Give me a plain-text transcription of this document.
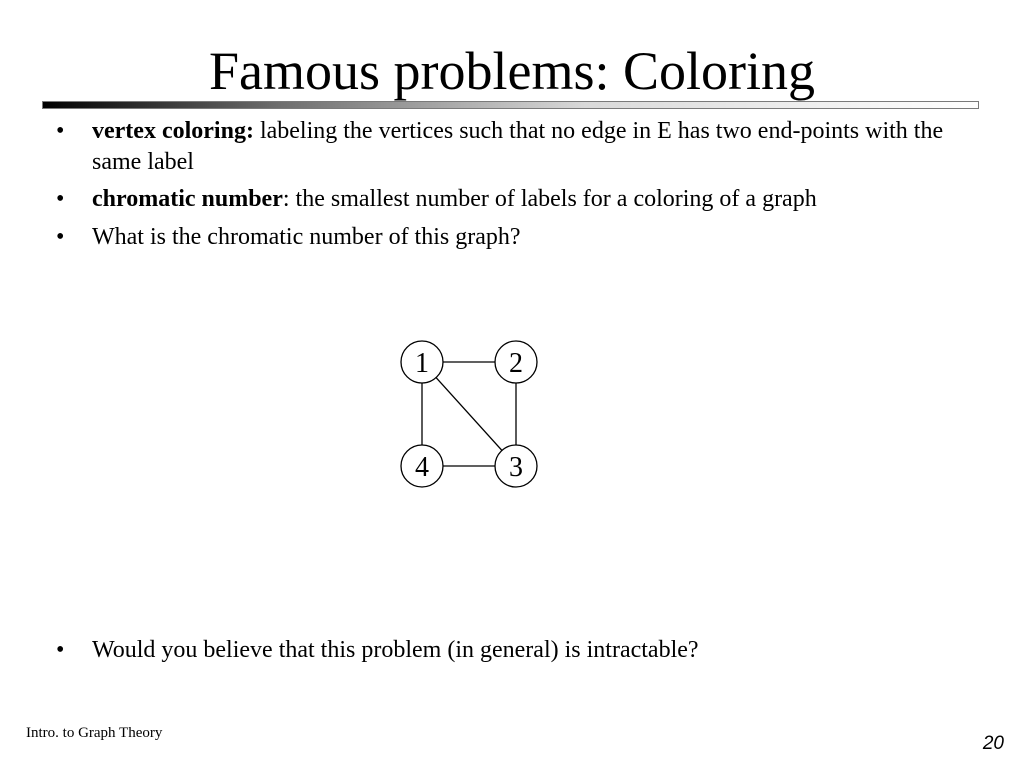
Famous problems: Coloring
• vertex coloring: labeling the vertices such that no edge in E has two end-points with the same label
• chromatic number: the smallest number of labels for a coloring of a graph
• What is the chromatic number of this graph?
1	2
3
4
• Would you believe that this problem (in general) is intractable?
Intro. to Graph Theory	20
